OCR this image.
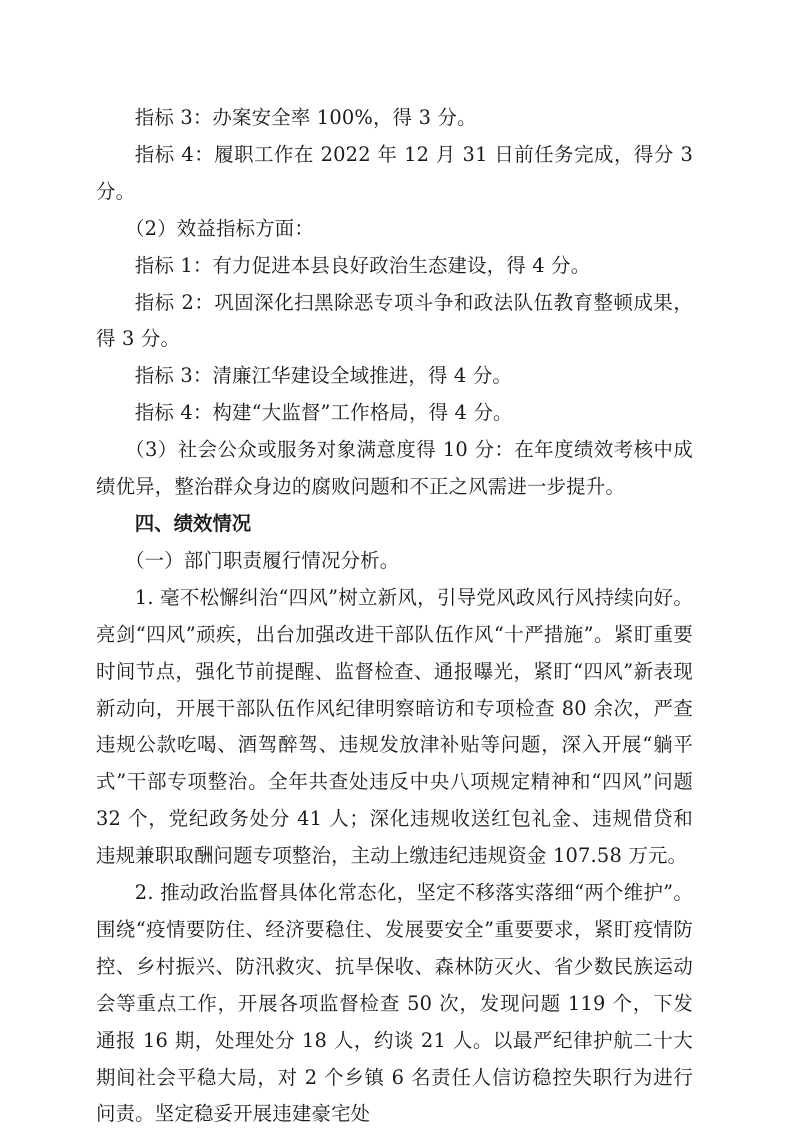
指标 3：办案安全率 100%，得 3 分。

指标 4：履职工作在 2022 年 12 月 31 日前任务完成，得分 3 分。

（2）效益指标方面：

指标 1：有力促进本县良好政治生态建设，得 4 分。

指标 2：巩固深化扫黑除恶专项斗争和政法队伍教育整顿成果，得 3 分。

指标 3：清廉江华建设全域推进，得 4 分。

指标 4：构建“大监督”工作格局，得 4 分。

（3）社会公众或服务对象满意度得 10 分：在年度绩效考核中成绩优异，整治群众身边的腐败问题和不正之风需进一步提升。

四、绩效情况

（一）部门职责履行情况分析。

1. 毫不松懈纠治“四风”树立新风，引导党风政风行风持续向好。亮剑“四风”顽疾，出台加强改进干部队伍作风“十严措施”。紧盯重要时间节点，强化节前提醒、监督检查、通报曝光，紧盯“四风”新表现新动向，开展干部队伍作风纪律明察暗访和专项检查 80 余次，严查违规公款吃喝、酒驾醉驾、违规发放津补贴等问题，深入开展“躺平式”干部专项整治。全年共查处违反中央八项规定精神和“四风”问题 32 个，党纪政务处分 41 人；深化违规收送红包礼金、违规借贷和违规兼职取酬问题专项整治，主动上缴违纪违规资金 107.58 万元。

2. 推动政治监督具体化常态化，坚定不移落实落细“两个维护”。围绕“疫情要防住、经济要稳住、发展要安全”重要要求，紧盯疫情防控、乡村振兴、防汛救灾、抗旱保收、森林防灭火、省少数民族运动会等重点工作，开展各项监督检查 50 次，发现问题 119 个，下发通报 16 期，处理处分 18 人，约谈 21 人。以最严纪律护航二十大期间社会平稳大局，对 2 个乡镇 6 名责任人信访稳控失职行为进行问责。坚定稳妥开展违建豪宅处
